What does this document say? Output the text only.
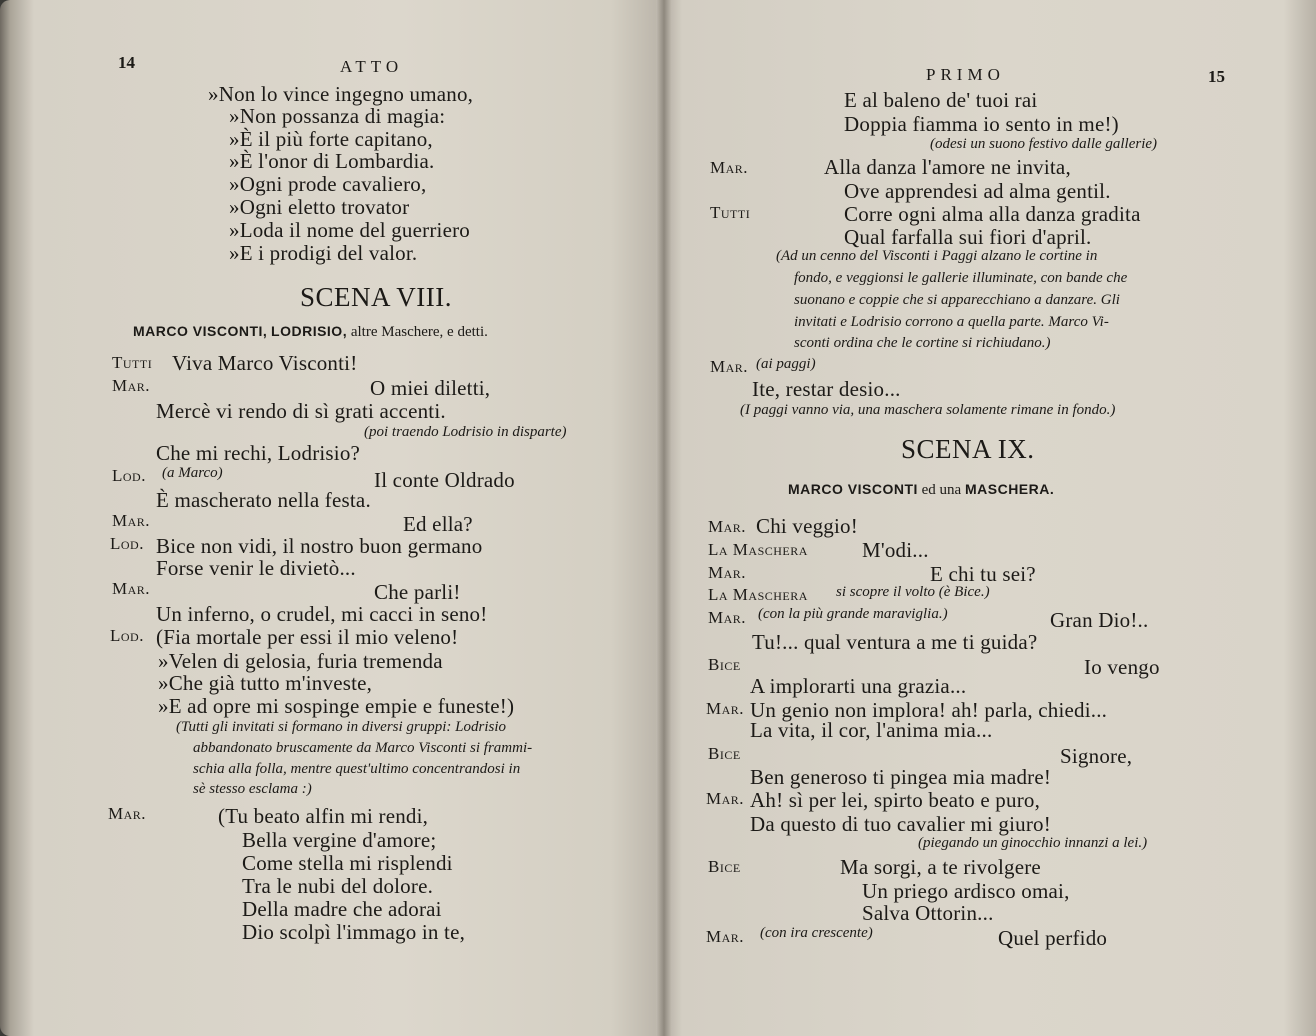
14	ATTO
»Non lo vince ingegno umano,
»Non possanza di magia:
»È il più forte capitano,
»È l'onor di Lombardia.
»Ogni prode cavaliero,
»Ogni eletto trovator
»Loda il nome del guerriero
»E i prodigi del valor.
SCENA VIII.
MARCO VISCONTI, LODRISIO, altre Maschere, e detti.
Tutti Viva Marco Visconti!
Mar.	O miei diletti,
Mercè vi rendo di sì grati accenti.
(poi traendo Lodrisio in disparte)
Che mi rechi, Lodrisio?
Lod. (a Marco)	Il conte Oldrado
È mascherato nella festa.
Mar.	Ed ella?
Lod. Bice non vidi, il nostro buon germano
Forse venir le divietò...
Mar.	Che parli!
Un inferno, o crudel, mi cacci in seno!
Lod. (Fia mortale per essi il mio veleno!
»Velen di gelosia, furia tremenda
»Che già tutto m'investe,
»E ad opre mi sospinge empie e funeste!)
(Tutti gli invitati si formano in diversi gruppi: Lodrisio
abbandonato bruscamente da Marco Visconti si frammi-
schia alla folla, mentre quest'ultimo concentrandosi in
sè stesso esclama :)
Mar.	(Tu beato alfin mi rendi,
Bella vergine d'amore;
Come stella mi risplendi
Tra le nubi del dolore.
Della madre che adorai
Dio scolpì l'immago in te,
PRIMO	15
E al baleno de' tuoi rai
Doppia fiamma io sento in me!)
(odesi un suono festivo dalle gallerie)
Mar.	Alla danza l'amore ne invita,
Ove apprendesi ad alma gentil.
Tutti	Corre ogni alma alla danza gradita
Qual farfalla sui fiori d'april.
(Ad un cenno del Visconti i Paggi alzano le cortine in
fondo, e veggionsi le gallerie illuminate, con bande che
suonano e coppie che si apparecchiano a danzare. Gli
invitati e Lodrisio corrono a quella parte. Marco Vi-
sconti ordina che le cortine si richiudano.)
Mar. (ai paggi)
Ite, restar desio...
(I paggi vanno via, una maschera solamente rimane in fondo.)
SCENA IX.
MARCO VISCONTI ed una MASCHERA.
Mar. Chi veggio!
La Maschera	M'odi...
Mar.	E chi tu sei?
La Maschera si scopre il volto (è Bice.)
Mar. (con la più grande maraviglia.)	Gran Dio!..
Tu!... qual ventura a me ti guida?
Bice	Io vengo
A implorarti una grazia...
Mar. Un genio non implora! ah! parla, chiedi...
La vita, il cor, l'anima mia...
Bice	Signore,
Ben generoso ti pingea mia madre!
Mar. Ah! sì per lei, spirto beato e puro,
Da questo di tuo cavalier mi giuro!
(piegando un ginocchio innanzi a lei.)
Bice	Ma sorgi, a te rivolgere
Un priego ardisco omai,
Salva Ottorin...
Mar. (con ira crescente)	Quel perfido
